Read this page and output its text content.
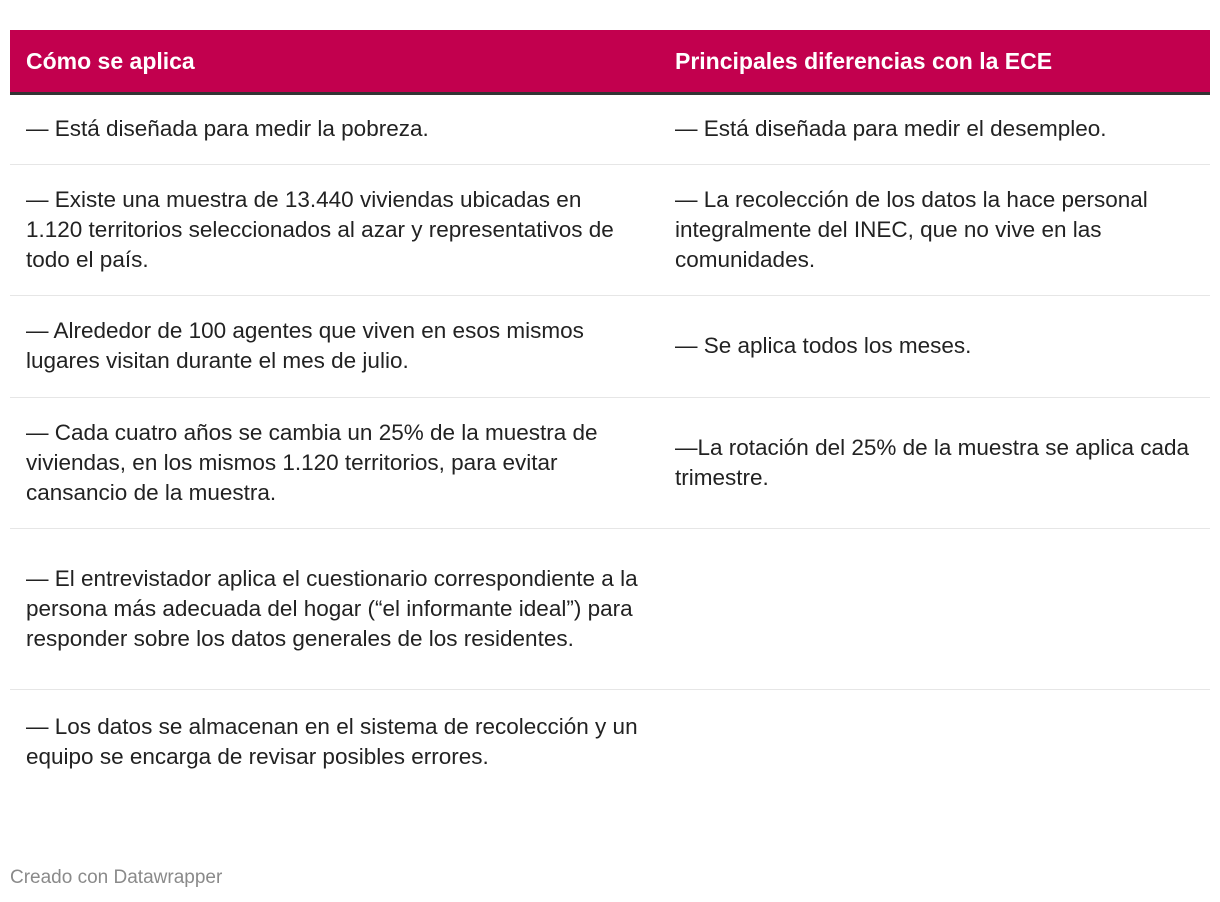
Cómo se aplica	Principales diferencias con la ECE
— Está diseñada para medir la pobreza.	— Está diseñada para medir el desempleo.
— Existe una muestra de 13.440 viviendas ubicadas en 1.120 territorios seleccionados al azar y representativos de todo el país.	— La recolección de los datos la hace personal integralmente del INEC, que no vive en las comunidades.
— Alrededor de 100 agentes que viven en esos mismos lugares visitan durante el mes de julio.	— Se aplica todos los meses.
— Cada cuatro años se cambia un 25% de la muestra de viviendas, en los mismos 1.120 territorios, para evitar cansancio de la muestra.	—La rotación del 25% de la muestra se aplica cada trimestre.
— El entrevistador aplica el cuestionario correspondiente a la persona más adecuada del hogar (“el informante ideal”) para responder sobre los datos generales de los residentes.	
— Los datos se almacenan en el sistema de recolección y un equipo se encarga de revisar posibles errores.	
Creado con Datawrapper
